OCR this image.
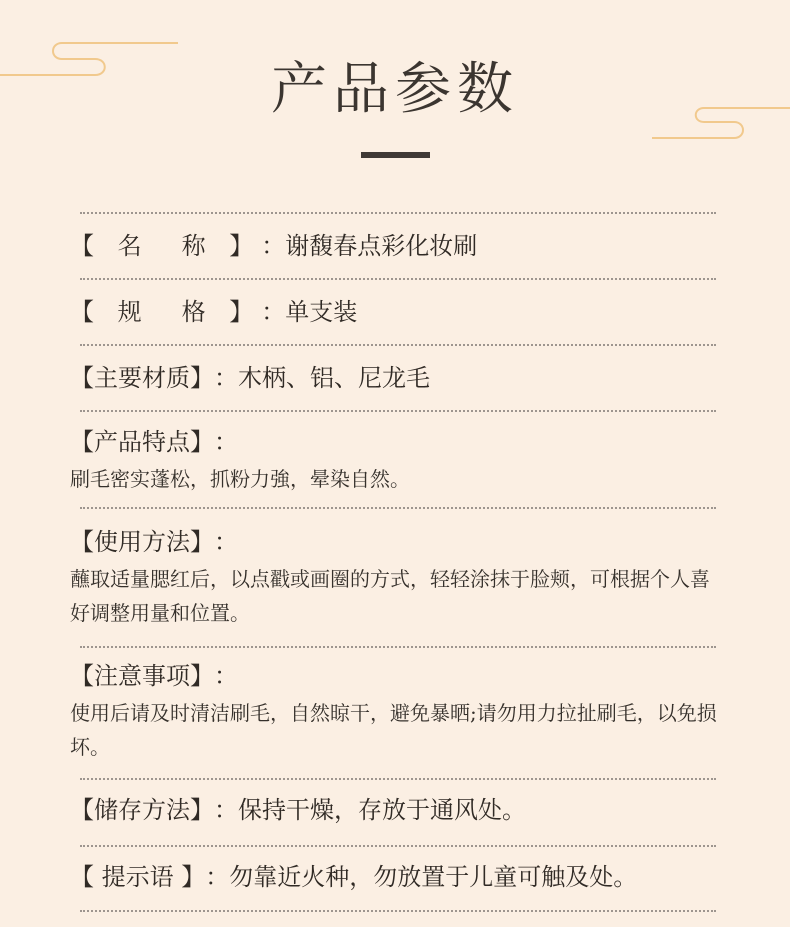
产品参数
【 名　称 】：谢馥春点彩化妆刷
【 规　格 】：单支装
【主要材质】：木柄、铝、尼龙毛
【产品特点】：
刷毛密实蓬松，抓粉力強，晕染自然。
【使用方法】：
蘸取适量腮红后，以点戳或画圈的方式，轻轻涂抹于脸颊，可根据个人喜好调整用量和位置。
【注意事项】：
使用后请及时清洁刷毛，自然晾干，避免暴晒;请勿用力拉扯刷毛，以免损坏。
【储存方法】：保持干燥，存放于通风处。
【 提示语 】：勿靠近火种，勿放置于儿童可触及处。
